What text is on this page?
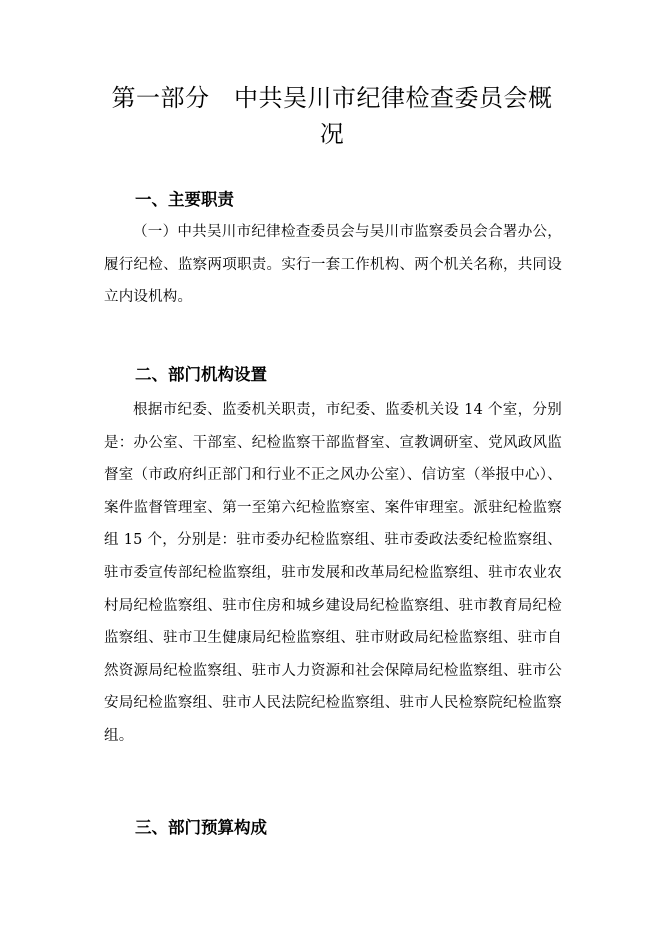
第一部分　中共吴川市纪律检查委员会概况
一、主要职责
（一）中共吴川市纪律检查委员会与吴川市监察委员会合署办公，履行纪检、监察两项职责。实行一套工作机构、两个机关名称，共同设立内设机构。
二、部门机构设置
根据市纪委、监委机关职责，市纪委、监委机关设 14 个室，分别是：办公室、干部室、纪检监察干部监督室、宣教调研室、党风政风监督室（市政府纠正部门和行业不正之风办公室）、信访室（举报中心）、案件监督管理室、第一至第六纪检监察室、案件审理室。派驻纪检监察组 15 个，分别是：驻市委办纪检监察组、驻市委政法委纪检监察组、驻市委宣传部纪检监察组，驻市发展和改革局纪检监察组、驻市农业农村局纪检监察组、驻市住房和城乡建设局纪检监察组、驻市教育局纪检监察组、驻市卫生健康局纪检监察组、驻市财政局纪检监察组、驻市自然资源局纪检监察组、驻市人力资源和社会保障局纪检监察组、驻市公安局纪检监察组、驻市人民法院纪检监察组、驻市人民检察院纪检监察组。
三、部门预算构成
